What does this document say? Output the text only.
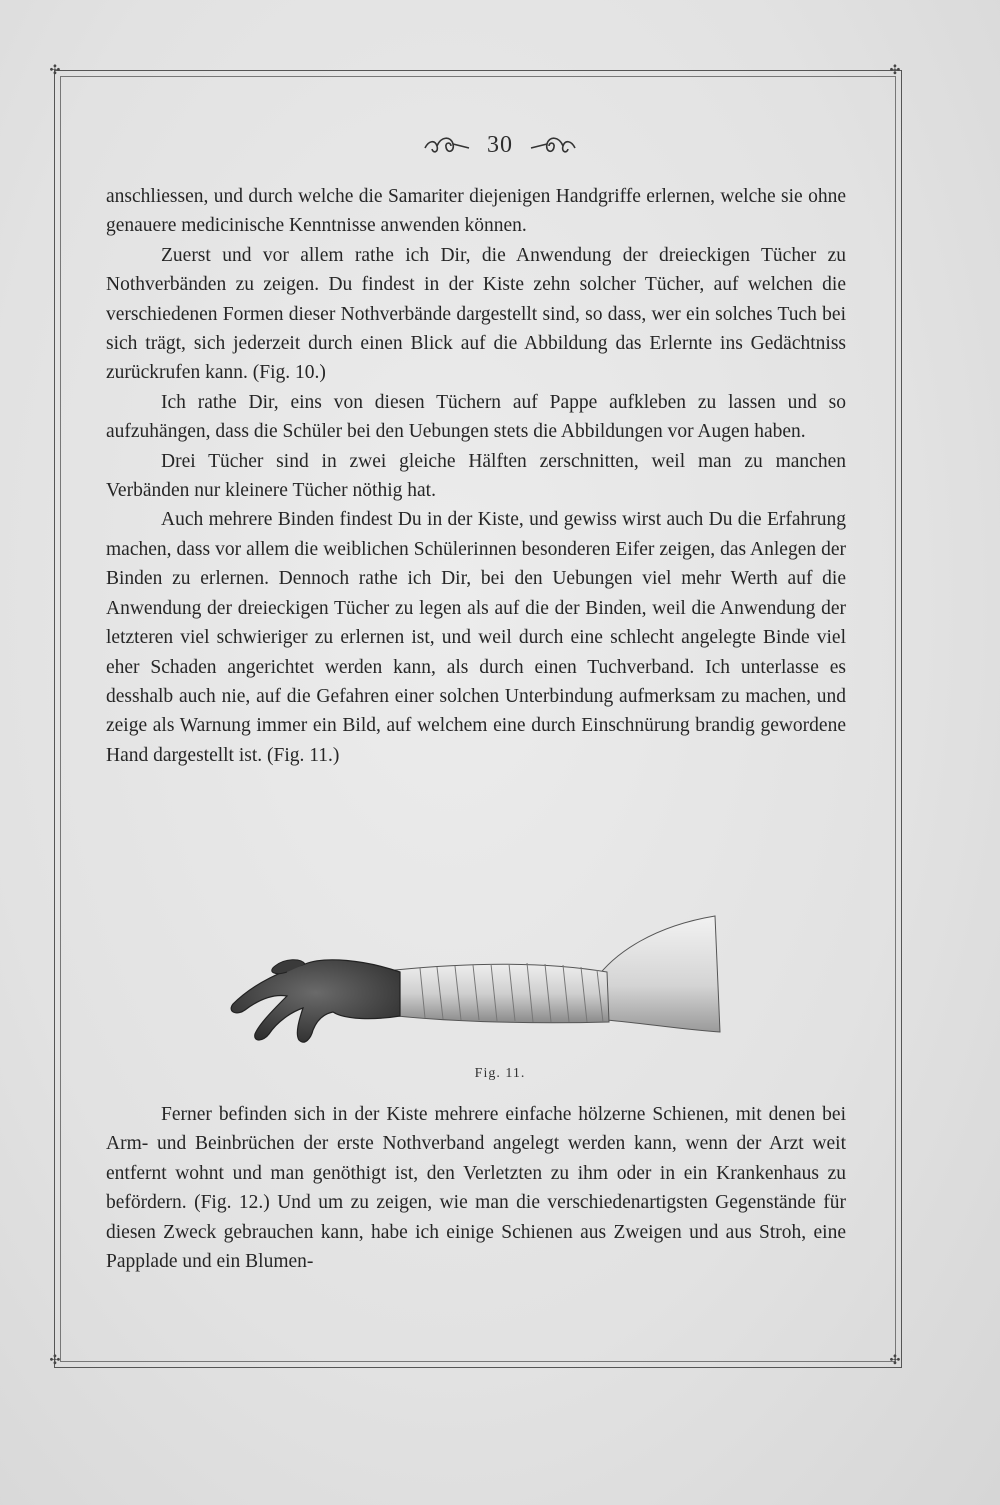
✣	✣
✣	✣
30

anschliessen, und durch welche die Samariter diejenigen Handgriffe erlernen, welche sie ohne genauere medicinische Kenntnisse anwenden können.

Zuerst und vor allem rathe ich Dir, die Anwendung der dreieckigen Tücher zu Nothverbänden zu zeigen. Du findest in der Kiste zehn solcher Tücher, auf welchen die verschiedenen Formen dieser Nothverbände dargestellt sind, so dass, wer ein solches Tuch bei sich trägt, sich jederzeit durch einen Blick auf die Abbildung das Erlernte ins Gedächtniss zurückrufen kann. (Fig. 10.)

Ich rathe Dir, eins von diesen Tüchern auf Pappe aufkleben zu lassen und so aufzuhängen, dass die Schüler bei den Uebungen stets die Abbildungen vor Augen haben.

Drei Tücher sind in zwei gleiche Hälften zerschnitten, weil man zu manchen Verbänden nur kleinere Tücher nöthig hat.

Auch mehrere Binden findest Du in der Kiste, und gewiss wirst auch Du die Erfahrung machen, dass vor allem die weiblichen Schülerinnen besonderen Eifer zeigen, das Anlegen der Binden zu erlernen. Dennoch rathe ich Dir, bei den Uebungen viel mehr Werth auf die Anwendung der dreieckigen Tücher zu legen als auf die der Binden, weil die Anwendung der letzteren viel schwieriger zu erlernen ist, und weil durch eine schlecht angelegte Binde viel eher Schaden angerichtet werden kann, als durch einen Tuchverband. Ich unterlasse es desshalb auch nie, auf die Gefahren einer solchen Unterbindung aufmerksam zu machen, und zeige als Warnung immer ein Bild, auf welchem eine durch Einschnürung brandig gewordene Hand dargestellt ist. (Fig. 11.)

Fig. 11.

Ferner befinden sich in der Kiste mehrere einfache hölzerne Schienen, mit denen bei Arm- und Beinbrüchen der erste Nothverband angelegt werden kann, wenn der Arzt weit entfernt wohnt und man genöthigt ist, den Verletzten zu ihm oder in ein Krankenhaus zu befördern. (Fig. 12.) Und um zu zeigen, wie man die verschiedenartigsten Gegenstände für diesen Zweck gebrauchen kann, habe ich einige Schienen aus Zweigen und aus Stroh, eine Papplade und ein Blumen-
